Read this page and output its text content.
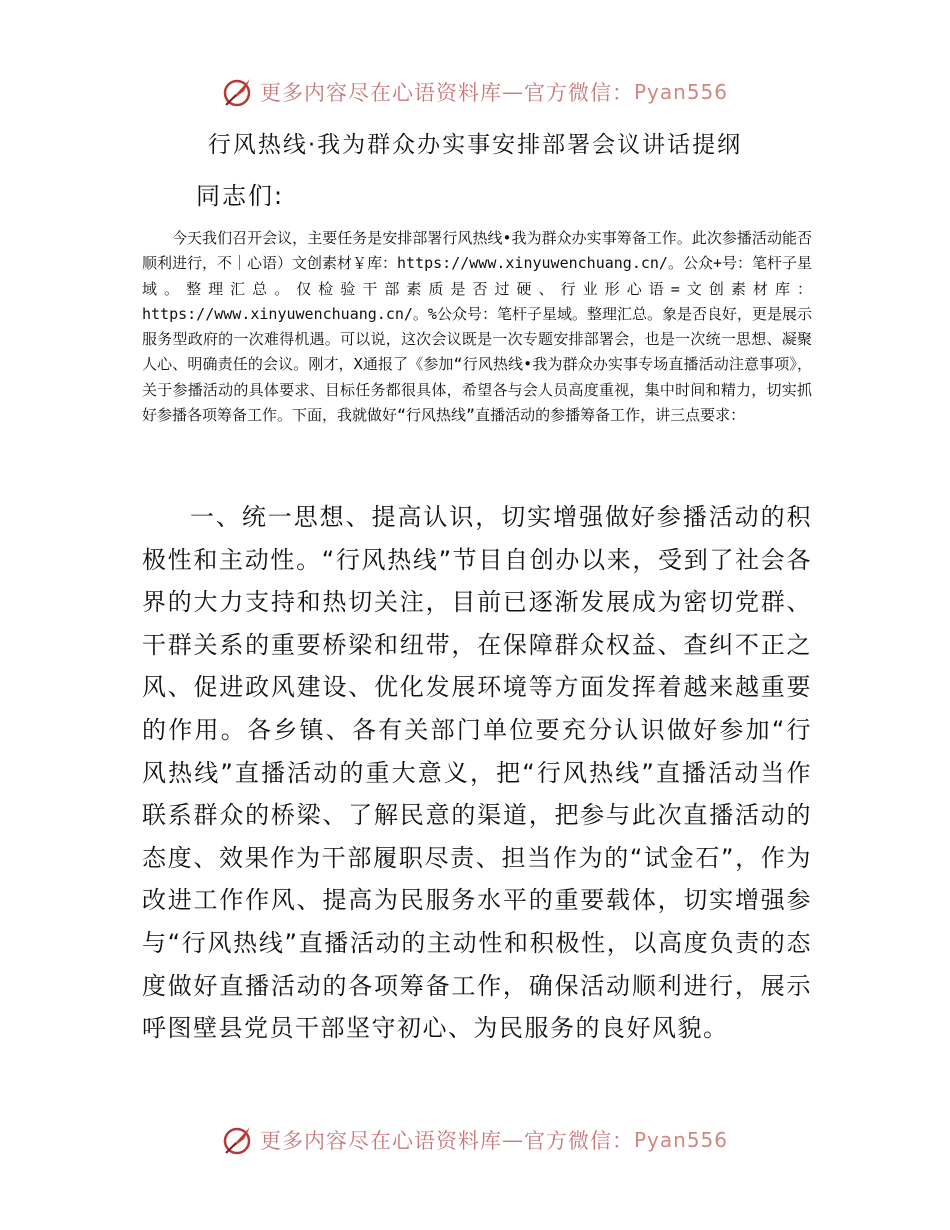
更多内容尽在心语资料库 — 官方微信： Pyan556
行风热线·我为群众办实事安排部署会议讲话提纲
同志们:

今天我们召开会议，主要任务是安排部署行风热线•我为群众办实事筹备工作。此次参播活动能否顺利进行，不｜心语）文创素材￥库：https://www.xinyuwenchuang.cn/。公众+号：笔杆子星域。整理汇总。仅检验干部素质是否过硬、行业形心语=文创素材库：https://www.xinyuwenchuang.cn/。%公众号：笔杆子星域。整理汇总。象是否良好，更是展示服务型政府的一次难得机遇。可以说，这次会议既是一次专题安排部署会，也是一次统一思想、凝聚人心、明确责任的会议。刚才，X通报了《参加“行风热线•我为群众办实事专场直播活动注意事项》，关于参播活动的具体要求、目标任务都很具体，希望各与会人员高度重视，集中时间和精力，切实抓好参播各项筹备工作。下面，我就做好“行风热线”直播活动的参播筹备工作，讲三点要求：

一、统一思想、提高认识，切实增强做好参播活动的积极性和主动性。“行风热线”节目自创办以来，受到了社会各界的大力支持和热切关注，目前已逐渐发展成为密切党群、干群关系的重要桥梁和纽带，在保障群众权益、查纠不正之风、促进政风建设、优化发展环境等方面发挥着越来越重要的作用。各乡镇、各有关部门单位要充分认识做好参加“行风热线”直播活动的重大意义，把“行风热线”直播活动当作联系群众的桥梁、了解民意的渠道，把参与此次直播活动的态度、效果作为干部履职尽责、担当作为的“试金石”，作为改进工作作风、提高为民服务水平的重要载体，切实增强参与“行风热线”直播活动的主动性和积极性，以高度负责的态度做好直播活动的各项筹备工作，确保活动顺利进行，展示呼图壁县党员干部坚守初心、为民服务的良好风貌。

更多内容尽在心语资料库 — 官方微信： Pyan556
